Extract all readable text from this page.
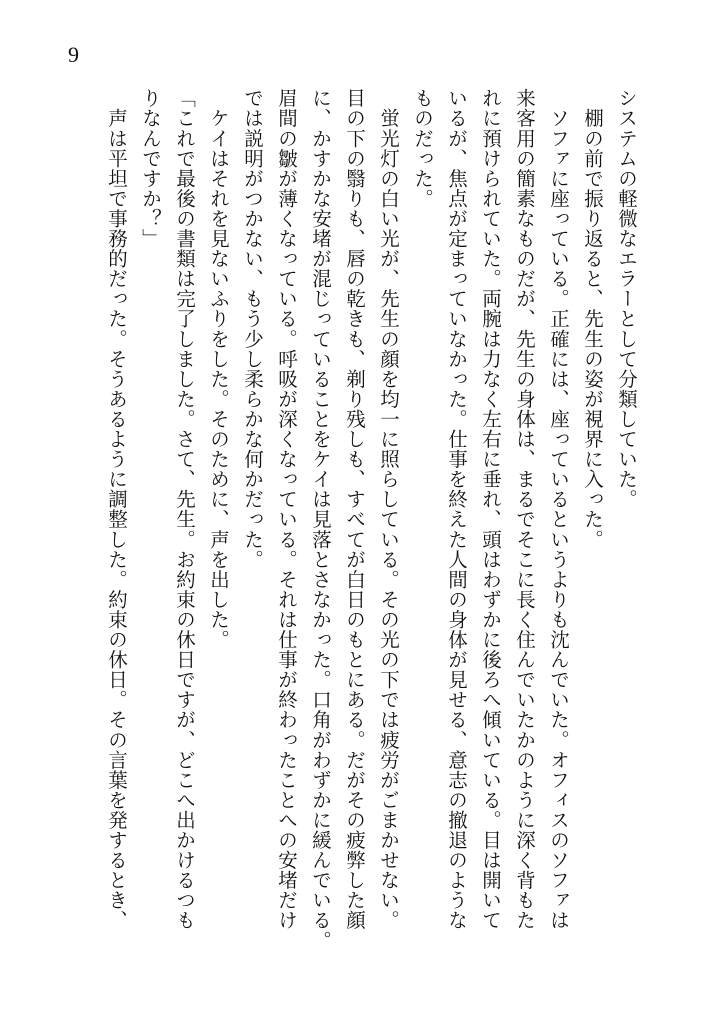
9

システムの軽微なエラーとして分類していた。

　棚の前で振り返ると、先生の姿が視界に入った。

　ソファに座っている。正確には、座っているというよりも沈んでいた。オフィスのソファは

来客用の簡素なものだが、先生の身体は、まるでそこに長く住んでいたかのように深く背もた

れに預けられていた。両腕は力なく左右に垂れ、頭はわずかに後ろへ傾いている。目は開いて

いるが、焦点が定まっていなかった。仕事を終えた人間の身体が見せる、意志の撤退のような

ものだった。

　蛍光灯の白い光が、先生の顔を均一に照らしている。その光の下では疲労がごまかせない。

目の下の翳りも、唇の乾きも、剃り残しも、すべてが白日のもとにある。だがその疲弊した顔

に、かすかな安堵が混じっていることをケイは見落とさなかった。口角がわずかに緩んでいる。

眉間の皺が薄くなっている。呼吸が深くなっている。それは仕事が終わったことへの安堵だけ

では説明がつかない、もう少し柔らかな何かだった。

　ケイはそれを見ないふりをした。そのために、声を出した。

「これで最後の書類は完了しました。さて、先生。お約束の休日ですが、どこへ出かけるつも

りなんですか？」

　声は平坦で事務的だった。そうあるように調整した。約束の休日。その言葉を発するとき、
